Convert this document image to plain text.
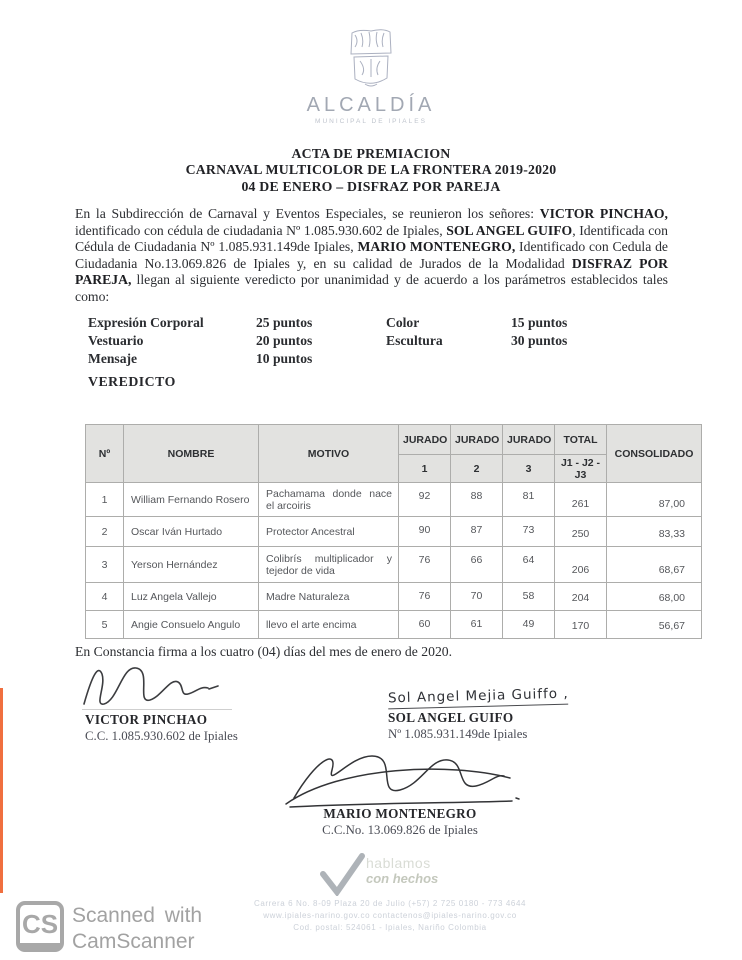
ALCALDÍA
MUNICIPAL DE IPIALES
ACTA DE PREMIACION
CARNAVAL MULTICOLOR DE LA FRONTERA 2019-2020
04 DE ENERO – DISFRAZ POR PAREJA
En la Subdirección de Carnaval y Eventos Especiales, se reunieron los señores: VICTOR PINCHAO, identificado con cédula de ciudadania Nº 1.085.930.602 de Ipiales, SOL ANGEL GUIFO, Identificada con Cédula de Ciudadania Nº 1.085.931.149de Ipiales, MARIO MONTENEGRO, Identificado con Cedula de Ciudadania No.13.069.826 de Ipiales y, en su calidad de Jurados de la Modalidad DISFRAZ POR PAREJA, llegan al siguiente veredicto por unanimidad y de acuerdo a los parámetros establecidos tales como:
Expresión Corporal	25 puntos	Color	15 puntos
Vestuario	20 puntos	Escultura	30 puntos
Mensaje	10 puntos
VEREDICTO
Nº	NOMBRE	MOTIVO	JURADO	JURADO	JURADO	TOTAL	CONSOLIDADO
			1	2	3	J1 - J2 - J3	
1	William Fernando Rosero	Pachamama donde nace el arcoiris	92	88	81	261	87,00
2	Oscar Iván Hurtado	Protector Ancestral	90	87	73	250	83,33
3	Yerson Hernández	Colibrís multiplicador y tejedor de vida	76	66	64	206	68,67
4	Luz Angela Vallejo	Madre Naturaleza	76	70	58	204	68,00
5	Angie Consuelo Angulo	llevo el arte encima	60	61	49	170	56,67
En Constancia firma a los cuatro (04) días del mes de enero de 2020.
VICTOR PINCHAO
C.C. 1.085.930.602 de Ipiales
Sol Angel Mejia Guiffo ,
SOL ANGEL GUIFO
Nº 1.085.931.149de Ipiales
MARIO MONTENEGRO
C.C.No. 13.069.826 de Ipiales
hablamos
con hechos
Carrera 6 No. 8-09 Plaza 20 de Julio (+57) 2 725 0180 - 773 4644
www.ipiales-narino.gov.co contactenos@ipiales-narino.gov.co
Cod. postal: 524061 - Ipiales, Nariño Colombia
CS Scanned with
CamScanner
